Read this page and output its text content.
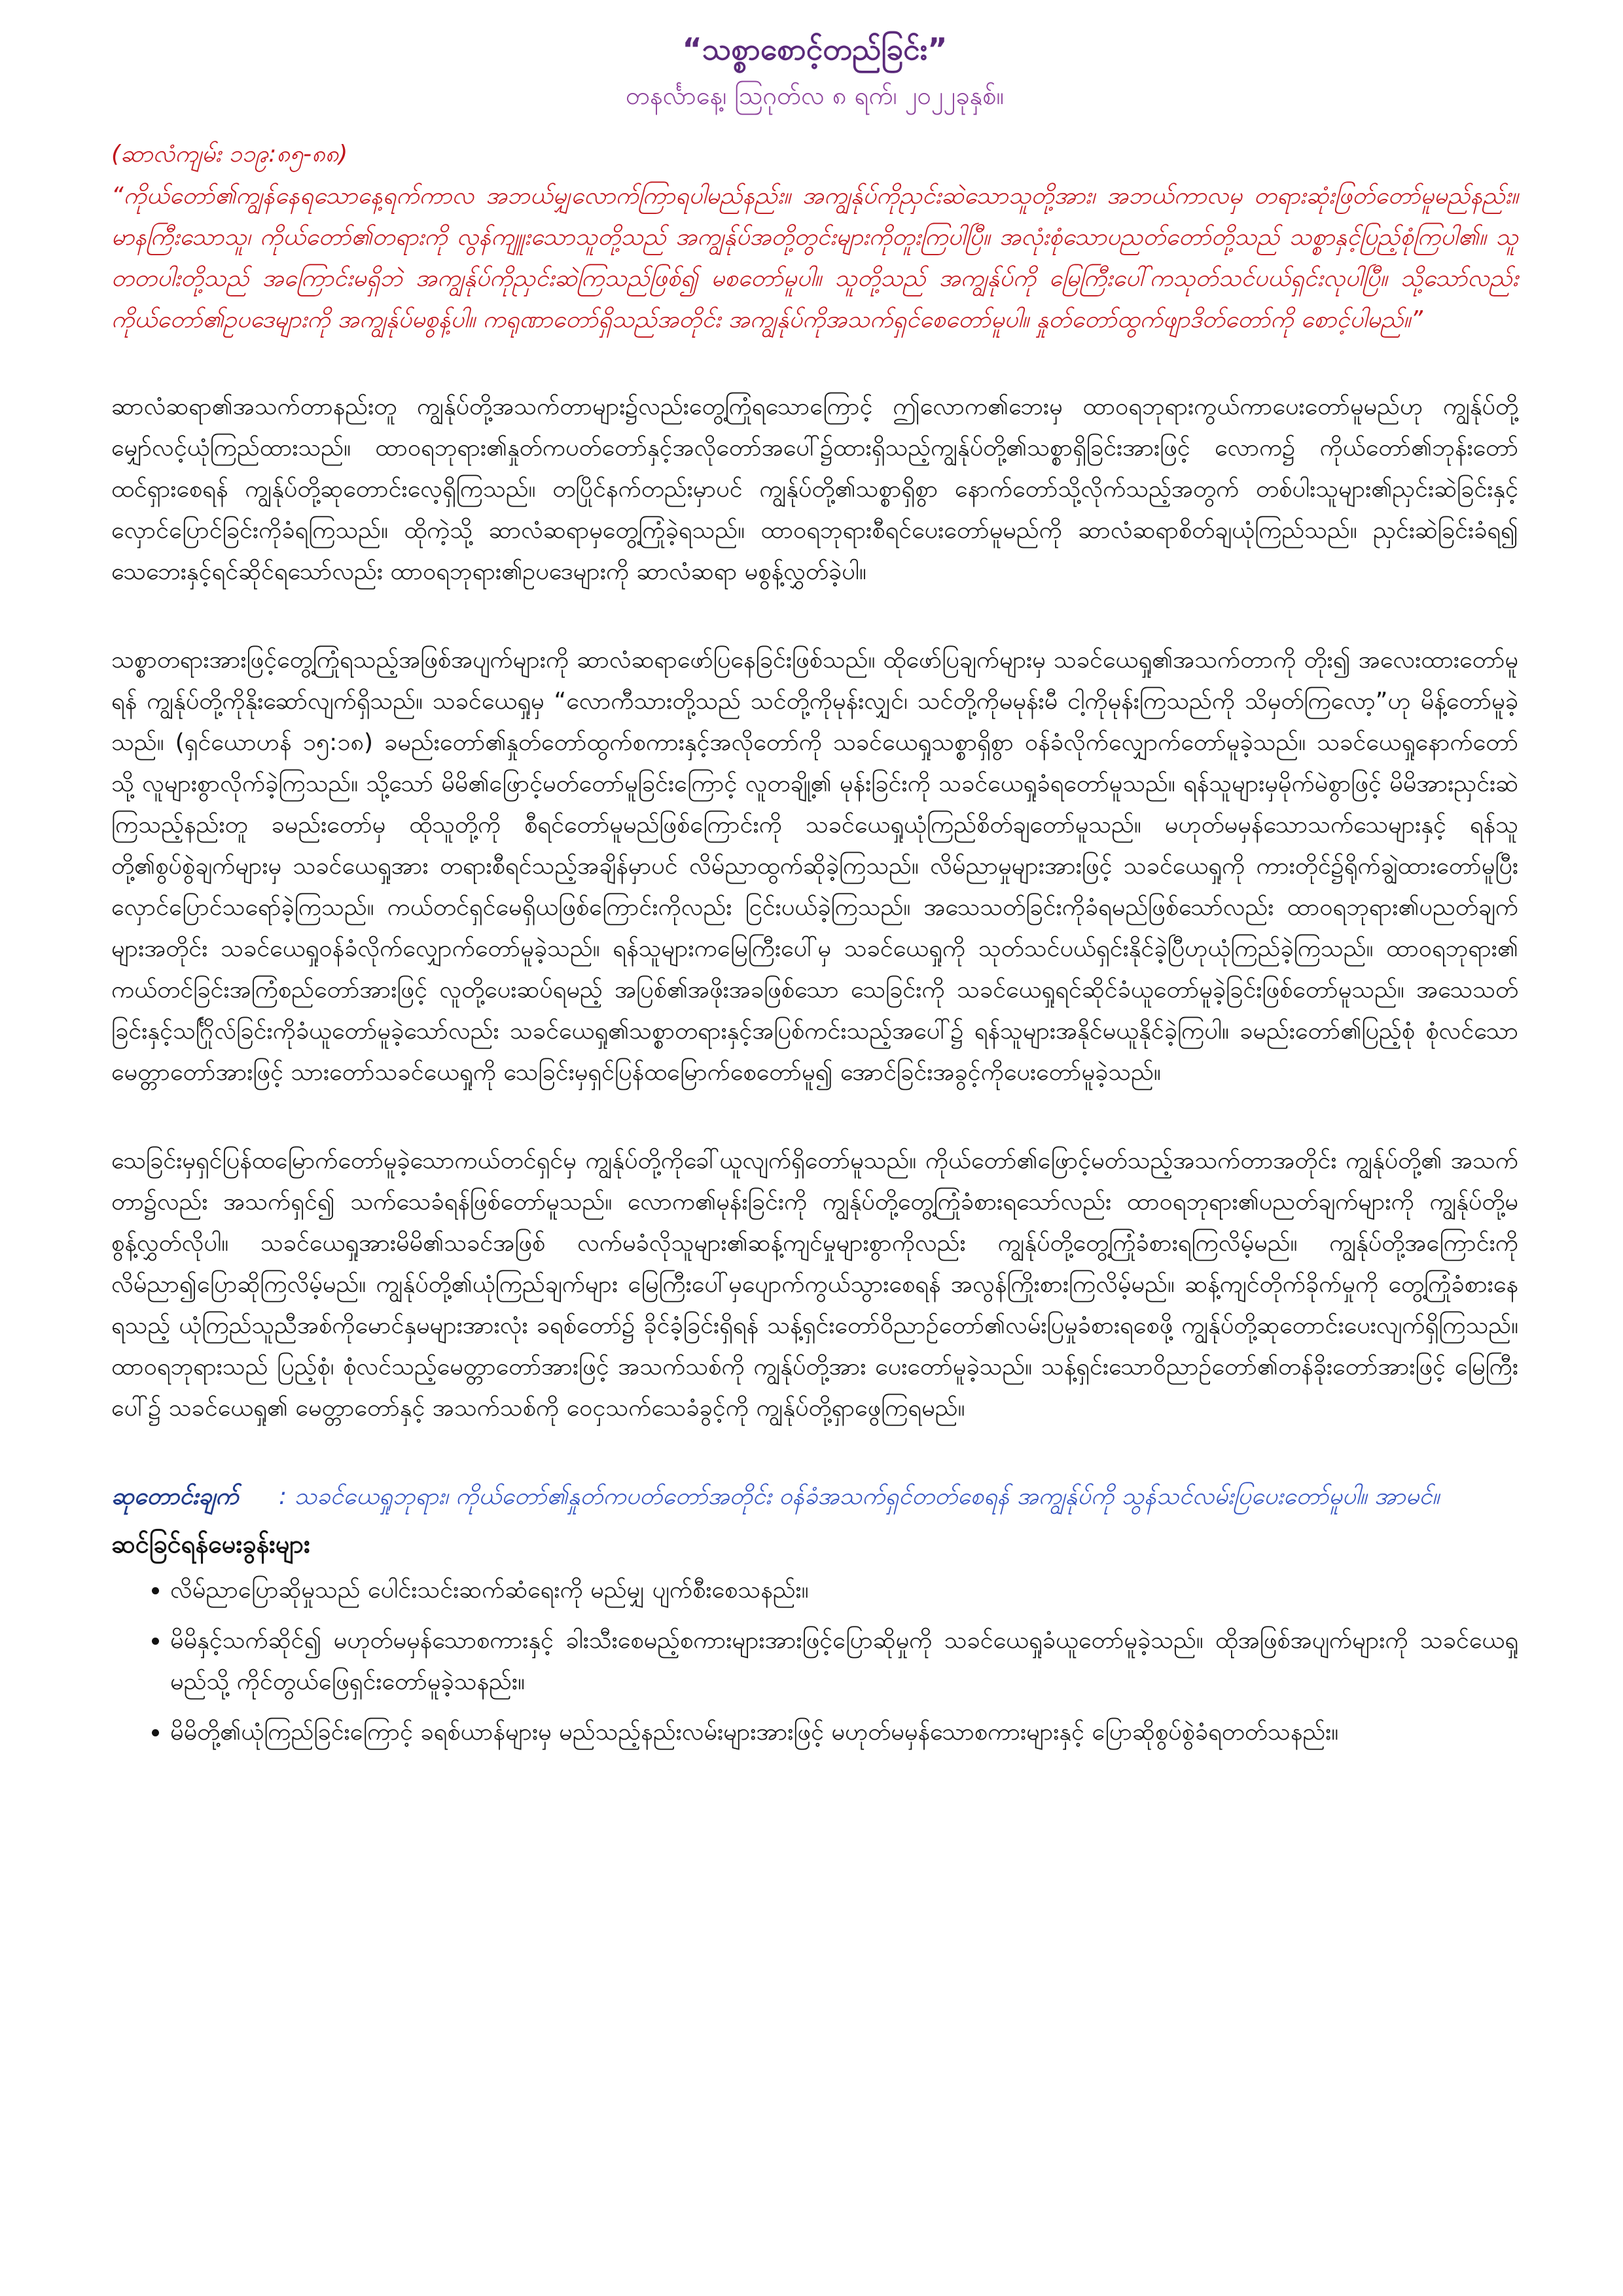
“သစ္စာစောင့်တည်ခြင်း”
တနင်္လာနေ့၊ ဩဂုတ်လ ၈ ရက်၊ ၂၀၂၂ခုနှစ်။
(ဆာလံကျမ်း ၁၁၉:၈၅-၈၈)
“ကိုယ်တော်၏ကျွန်နေရသောနေ့ရက်ကာလ အဘယ်မျှလောက်ကြာရပါမည်နည်း။ အကျွန်ုပ်ကိုညှင်းဆဲသောသူတို့အား၊ အဘယ်ကာလမှ တရားဆုံးဖြတ်တော်မူမည်နည်း။ မာနကြီးသောသူ၊ ကိုယ်တော်၏တရားကို လွန်ကျူးသောသူတို့သည် အကျွန်ုပ်အတို့တွင်းများကိုတူးကြပါပြီ။ အလုံးစုံသောပညတ်တော်တို့သည် သစ္စာနှင့်ပြည့်စုံကြပါ၏။ သူတတပါးတို့သည် အကြောင်းမရှိဘဲ အကျွန်ုပ်ကိုညှင်းဆဲကြသည်ဖြစ်၍ မစတော်မူပါ။ သူတို့သည် အကျွန်ုပ်ကို မြေကြီးပေါ်ကသုတ်သင်ပယ်ရှင်းလုပါပြီ။ သို့သော်လည်း ကိုယ်တော်၏ဥပဒေများကို အကျွန်ုပ်မစွန့်ပါ။ ကရုဏာတော်ရှိသည်အတိုင်း အကျွန်ုပ်ကိုအသက်ရှင်စေတော်မူပါ။ နှုတ်တော်ထွက်ဖျာဒိတ်တော်ကို စောင့်ပါမည်။”

ဆာလံဆရာ၏အသက်တာနည်းတူ ကျွန်ုပ်တို့အသက်တာများ၌လည်းတွေ့ကြုံရသောကြောင့် ဤလောက၏ဘေးမှ ထာဝရဘုရားကွယ်ကာပေးတော်မူမည်ဟု ကျွန်ုပ်တို့မျှော်လင့်ယုံကြည်ထားသည်။ ထာဝရဘုရား၏နှုတ်ကပတ်တော်နှင့်အလိုတော်အပေါ်၌ထားရှိသည့်ကျွန်ုပ်တို့၏သစ္စာရှိခြင်းအားဖြင့် လောက၌ ကိုယ်တော်၏ဘုန်းတော်ထင်ရှားစေရန် ကျွန်ုပ်တို့ဆုတောင်းလေ့ရှိကြသည်။ တပြိုင်နက်တည်းမှာပင် ကျွန်ုပ်တို့၏သစ္စာရှိစွာ နောက်တော်သို့လိုက်သည့်အတွက် တစ်ပါးသူများ၏ညှင်းဆဲခြင်းနှင့် လှောင်ပြောင်ခြင်းကိုခံရကြသည်။ ထိုကဲ့သို့ ဆာလံဆရာမှတွေ့ကြုံခဲ့ရသည်။ ထာဝရဘုရားစီရင်ပေးတော်မူမည်ကို ဆာလံဆရာစိတ်ချယုံကြည်သည်။ ညှင်းဆဲခြင်းခံရ၍ သေဘေးနှင့်ရင်ဆိုင်ရသော်လည်း ထာဝရဘုရား၏ဥပဒေများကို ဆာလံဆရာ မစွန့်လွှတ်ခဲ့ပါ။

သစ္စာတရားအားဖြင့်တွေ့ကြုံရသည့်အဖြစ်အပျက်များကို ဆာလံဆရာဖော်ပြနေခြင်းဖြစ်သည်။ ထိုဖော်ပြချက်များမှ သခင်ယေရှု၏အသက်တာကို တိုး၍ အလေးထားတော်မူရန် ကျွန်ုပ်တို့ကိုနိုးဆော်လျက်ရှိသည်။ သခင်ယေရှုမှ “လောကီသားတို့သည် သင်တို့ကိုမုန်းလျှင်၊ သင်တို့ကိုမမုန်းမီ ငါ့ကိုမုန်းကြသည်ကို သိမှတ်ကြလော့”ဟု မိန့်တော်မူခဲ့သည်။ (ရှင်ယောဟန် ၁၅:၁၈) ခမည်းတော်၏နှုတ်တော်ထွက်စကားနှင့်အလိုတော်ကို သခင်ယေရှုသစ္စာရှိစွာ ဝန်ခံလိုက်လျှောက်တော်မူခဲ့သည်။ သခင်ယေရှုနောက်တော်သို့ လူများစွာလိုက်ခဲ့ကြသည်။ သို့သော် မိမိ၏ဖြောင့်မတ်တော်မူခြင်းကြောင့် လူတချို့၏ မုန်းခြင်းကို သခင်ယေရှုခံရတော်မူသည်။ ရန်သူများမှမိုက်မဲစွာဖြင့် မိမိအားညှင်းဆဲကြသည့်နည်းတူ ခမည်းတော်မှ ထိုသူတို့ကို စီရင်တော်မူမည်ဖြစ်ကြောင်းကို သခင်ယေရှုယုံကြည်စိတ်ချတော်မူသည်။ မဟုတ်မမှန်သောသက်သေများနှင့် ရန်သူတို့၏စွပ်စွဲချက်များမှ သခင်ယေရှုအား တရားစီရင်သည့်အချိန်မှာပင် လိမ်ညာထွက်ဆိုခဲ့ကြသည်။ လိမ်ညာမှုများအားဖြင့် သခင်ယေရှုကို ကားတိုင်၌ရိုက်ချွဲထားတော်မူပြီး လှောင်ပြောင်သရော်ခဲ့ကြသည်။ ကယ်တင်ရှင်မေရှိယဖြစ်ကြောင်းကိုလည်း ငြင်းပယ်ခဲ့ကြသည်။ အသေသတ်ခြင်းကိုခံရမည်ဖြစ်သော်လည်း ထာဝရဘုရား၏ပညတ်ချက်များအတိုင်း သခင်ယေရှုဝန်ခံလိုက်လျှောက်တော်မူခဲ့သည်။ ရန်သူများကမြေကြီးပေါ်မှ သခင်ယေရှုကို သုတ်သင်ပယ်ရှင်းနိုင်ခဲ့ပြီဟုယုံကြည်ခဲ့ကြသည်။ ထာဝရဘုရား၏ ကယ်တင်ခြင်းအကြံစည်တော်အားဖြင့် လူတို့ပေးဆပ်ရမည့် အပြစ်၏အဖိုးအခဖြစ်သော သေခြင်းကို သခင်ယေရှုရင်ဆိုင်ခံယူတော်မူခဲ့ခြင်းဖြစ်တော်မူသည်။ အသေသတ်ခြင်းနှင့်သင်္ဂြိုလ်ခြင်းကိုခံယူတော်မူခဲ့သော်လည်း သခင်ယေရှု၏သစ္စာတရားနှင့်အပြစ်ကင်းသည့်အပေါ်၌ ရန်သူများအနိုင်မယူနိုင်ခဲ့ကြပါ။ ခမည်းတော်၏ပြည့်စုံ စုံလင်သောမေတ္တာတော်အားဖြင့် သားတော်သခင်ယေရှုကို သေခြင်းမှရှင်ပြန်ထမြောက်စေတော်မူ၍ အောင်ခြင်းအခွင့်ကိုပေးတော်မူခဲ့သည်။

သေခြင်းမှရှင်ပြန်ထမြောက်တော်မူခဲ့သောကယ်တင်ရှင်မှ ကျွန်ုပ်တို့ကိုခေါ်ယူလျက်ရှိတော်မူသည်။ ကိုယ်တော်၏ဖြောင့်မတ်သည့်အသက်တာအတိုင်း ကျွန်ုပ်တို့၏ အသက်တာ၌လည်း အသက်ရှင်၍ သက်သေခံရန်ဖြစ်တော်မူသည်။ လောက၏မုန်းခြင်းကို ကျွန်ုပ်တို့တွေ့ကြုံခံစားရသော်လည်း ထာဝရဘုရား၏ပညတ်ချက်များကို ကျွန်ုပ်တို့မစွန့်လွှတ်လိုပါ။ သခင်ယေရှုအားမိမိ၏သခင်အဖြစ် လက်မခံလိုသူများ၏ဆန့်ကျင်မှုများစွာကိုလည်း ကျွန်ုပ်တို့တွေ့ကြုံခံစားရကြလိမ့်မည်။ ကျွန်ုပ်တို့အကြောင်းကို လိမ်ညာ၍ပြောဆိုကြလိမ့်မည်။ ကျွန်ုပ်တို့၏ယုံကြည်ချက်များ မြေကြီးပေါ်မှပျောက်ကွယ်သွားစေရန် အလွန်ကြိုးစားကြလိမ့်မည်။ ဆန့်ကျင်တိုက်ခိုက်မှုကို တွေ့ကြုံခံစားနေရသည့် ယုံကြည်သူညီအစ်ကိုမောင်နှမများအားလုံး ခရစ်တော်၌ ခိုင်ခံ့ခြင်းရှိရန် သန့်ရှင်းတော်ဝိညာဉ်တော်၏လမ်းပြမှုခံစားရစေဖို့ ကျွန်ုပ်တို့ဆုတောင်းပေးလျက်ရှိကြသည်။ ထာဝရဘုရားသည် ပြည့်စုံ၊ စုံလင်သည့်မေတ္တာတော်အားဖြင့် အသက်သစ်ကို ကျွန်ုပ်တို့အား ပေးတော်မူခဲ့သည်။ သန့်ရှင်းသောဝိညာဉ်တော်၏တန်ခိုးတော်အားဖြင့် မြေကြီးပေါ်၌ သခင်ယေရှု၏ မေတ္တာတော်နှင့် အသက်သစ်ကို ဝေငှသက်သေခံခွင့်ကို ကျွန်ုပ်တို့ရှာဖွေကြရမည်။

ဆုတောင်းချက် : သခင်ယေရှုဘုရား၊ ကိုယ်တော်၏နှုတ်ကပတ်တော်အတိုင်း ဝန်ခံအသက်ရှင်တတ်စေရန် အကျွန်ုပ်ကို သွန်သင်လမ်းပြပေးတော်မူပါ။ အာမင်။
ဆင်ခြင်ရန်မေးခွန်းများ
• လိမ်ညာပြောဆိုမှုသည် ပေါင်းသင်းဆက်ဆံရေးကို မည်မျှ ပျက်စီးစေသနည်း။
• မိမိနှင့်သက်ဆိုင်၍ မဟုတ်မမှန်သောစကားနှင့် ခါးသီးစေမည့်စကားများအားဖြင့်ပြောဆိုမှုကို သခင်ယေရှုခံယူတော်မူခဲ့သည်။ ထိုအဖြစ်အပျက်များကို သခင်ယေရှု မည်သို့ ကိုင်တွယ်ဖြေရှင်းတော်မူခဲ့သနည်း။
• မိမိတို့၏ယုံကြည်ခြင်းကြောင့် ခရစ်ယာန်များမှ မည်သည့်နည်းလမ်းများအားဖြင့် မဟုတ်မမှန်သောစကားများနှင့် ပြောဆိုစွပ်စွဲခံရတတ်သနည်း။
